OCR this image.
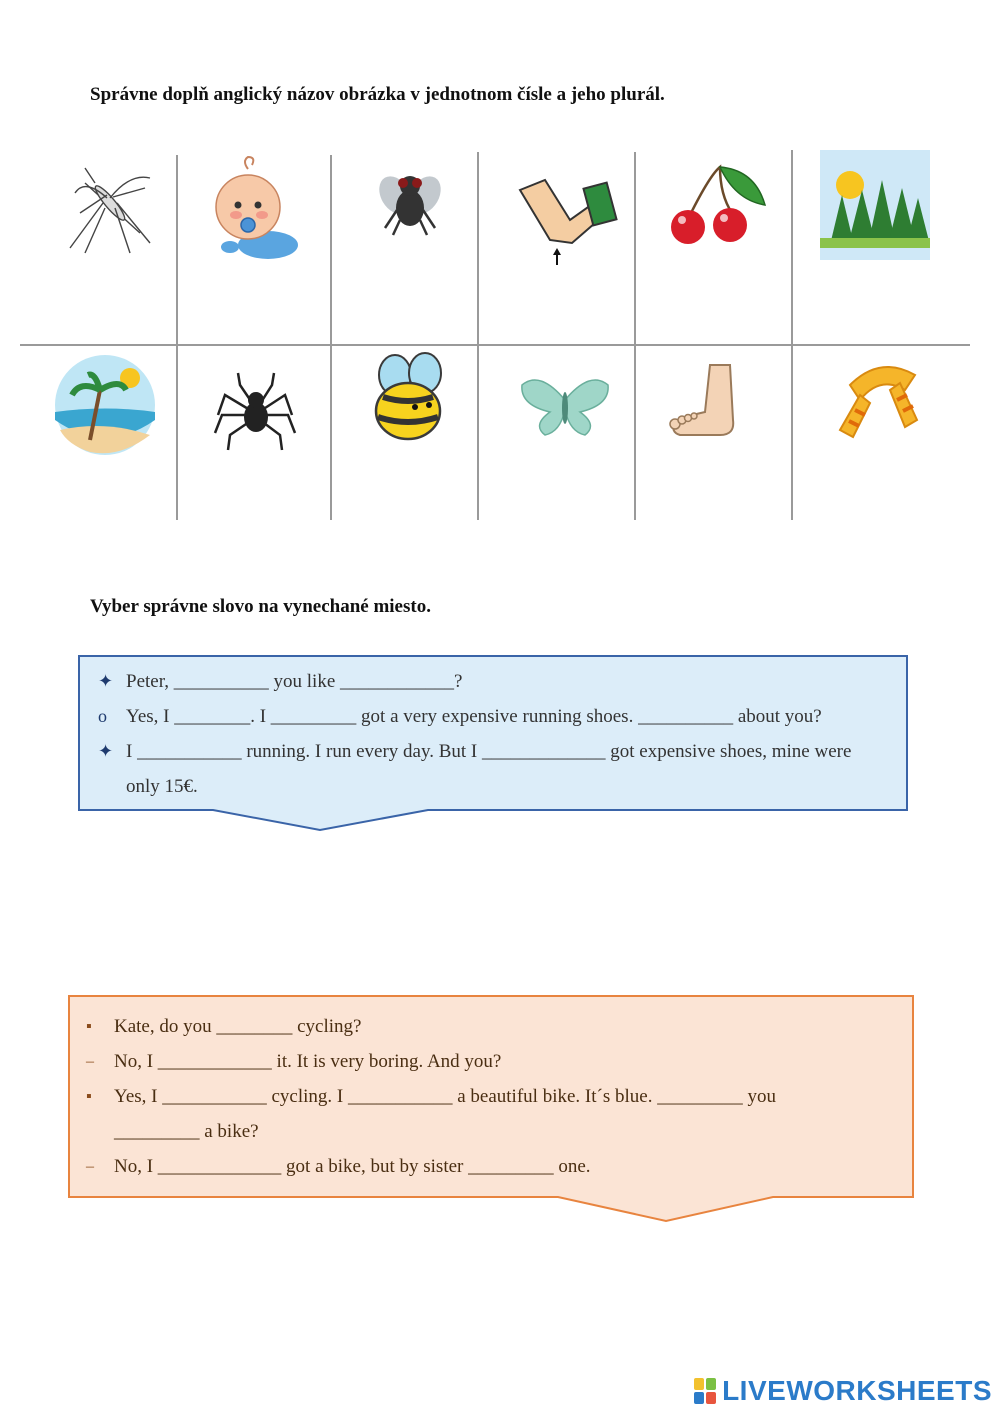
Správne doplň anglický názov obrázka v jednotnom čísle a jeho plurál.
Vyber správne slovo na vynechané miesto.
✦ Peter, __________ you like ____________?
o	Yes, I ________. I _________ got a very expensive running shoes. __________ about you?
✦ I ___________ running. I run every day. But I _____________ got expensive shoes, mine were
only 15€.
▪	Kate, do you ________ cycling?
–	No, I ____________ it. It is very boring. And you?
▪	Yes, I ___________ cycling. I ___________ a beautiful bike. It´s blue. _________ you
_________ a bike?
–	No, I _____________ got a bike, but by sister _________ one.
LIVEWORKSHEETS
